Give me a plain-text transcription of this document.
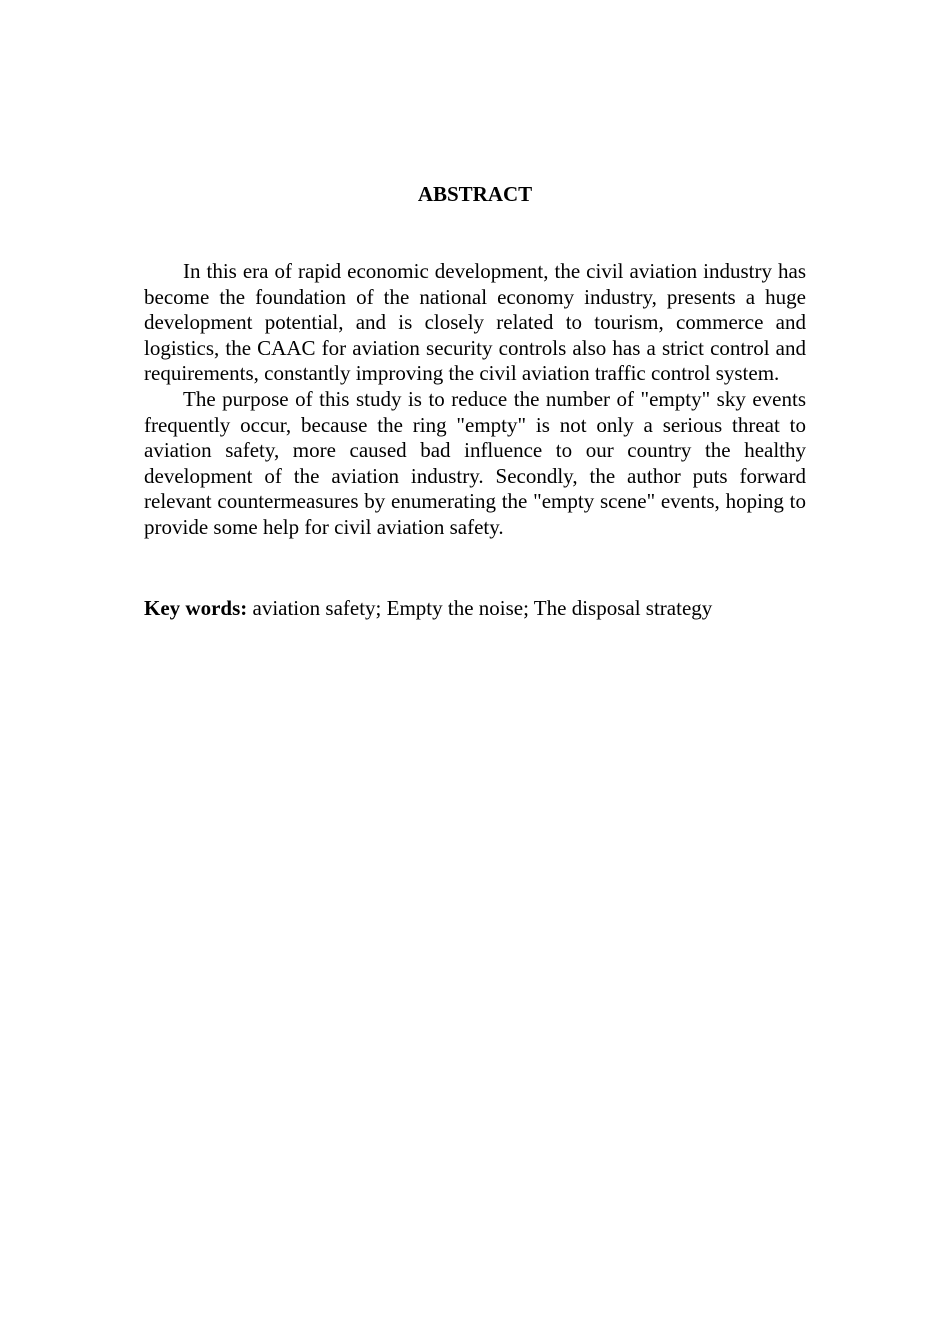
ABSTRACT

In this era of rapid economic development, the civil aviation industry has become the foundation of the national economy industry, presents a huge development potential, and is closely related to tourism, commerce and logistics, the CAAC for aviation security controls also has a strict control and requirements, constantly improving the civil aviation traffic control system.

The purpose of this study is to reduce the number of "empty" sky events frequently occur, because the ring "empty" is not only a serious threat to aviation safety, more caused bad influence to our country the healthy development of the aviation industry. Secondly, the author puts forward relevant countermeasures by enumerating the "empty scene" events, hoping to provide some help for civil aviation safety.

Key words: aviation safety; Empty the noise; The disposal strategy
